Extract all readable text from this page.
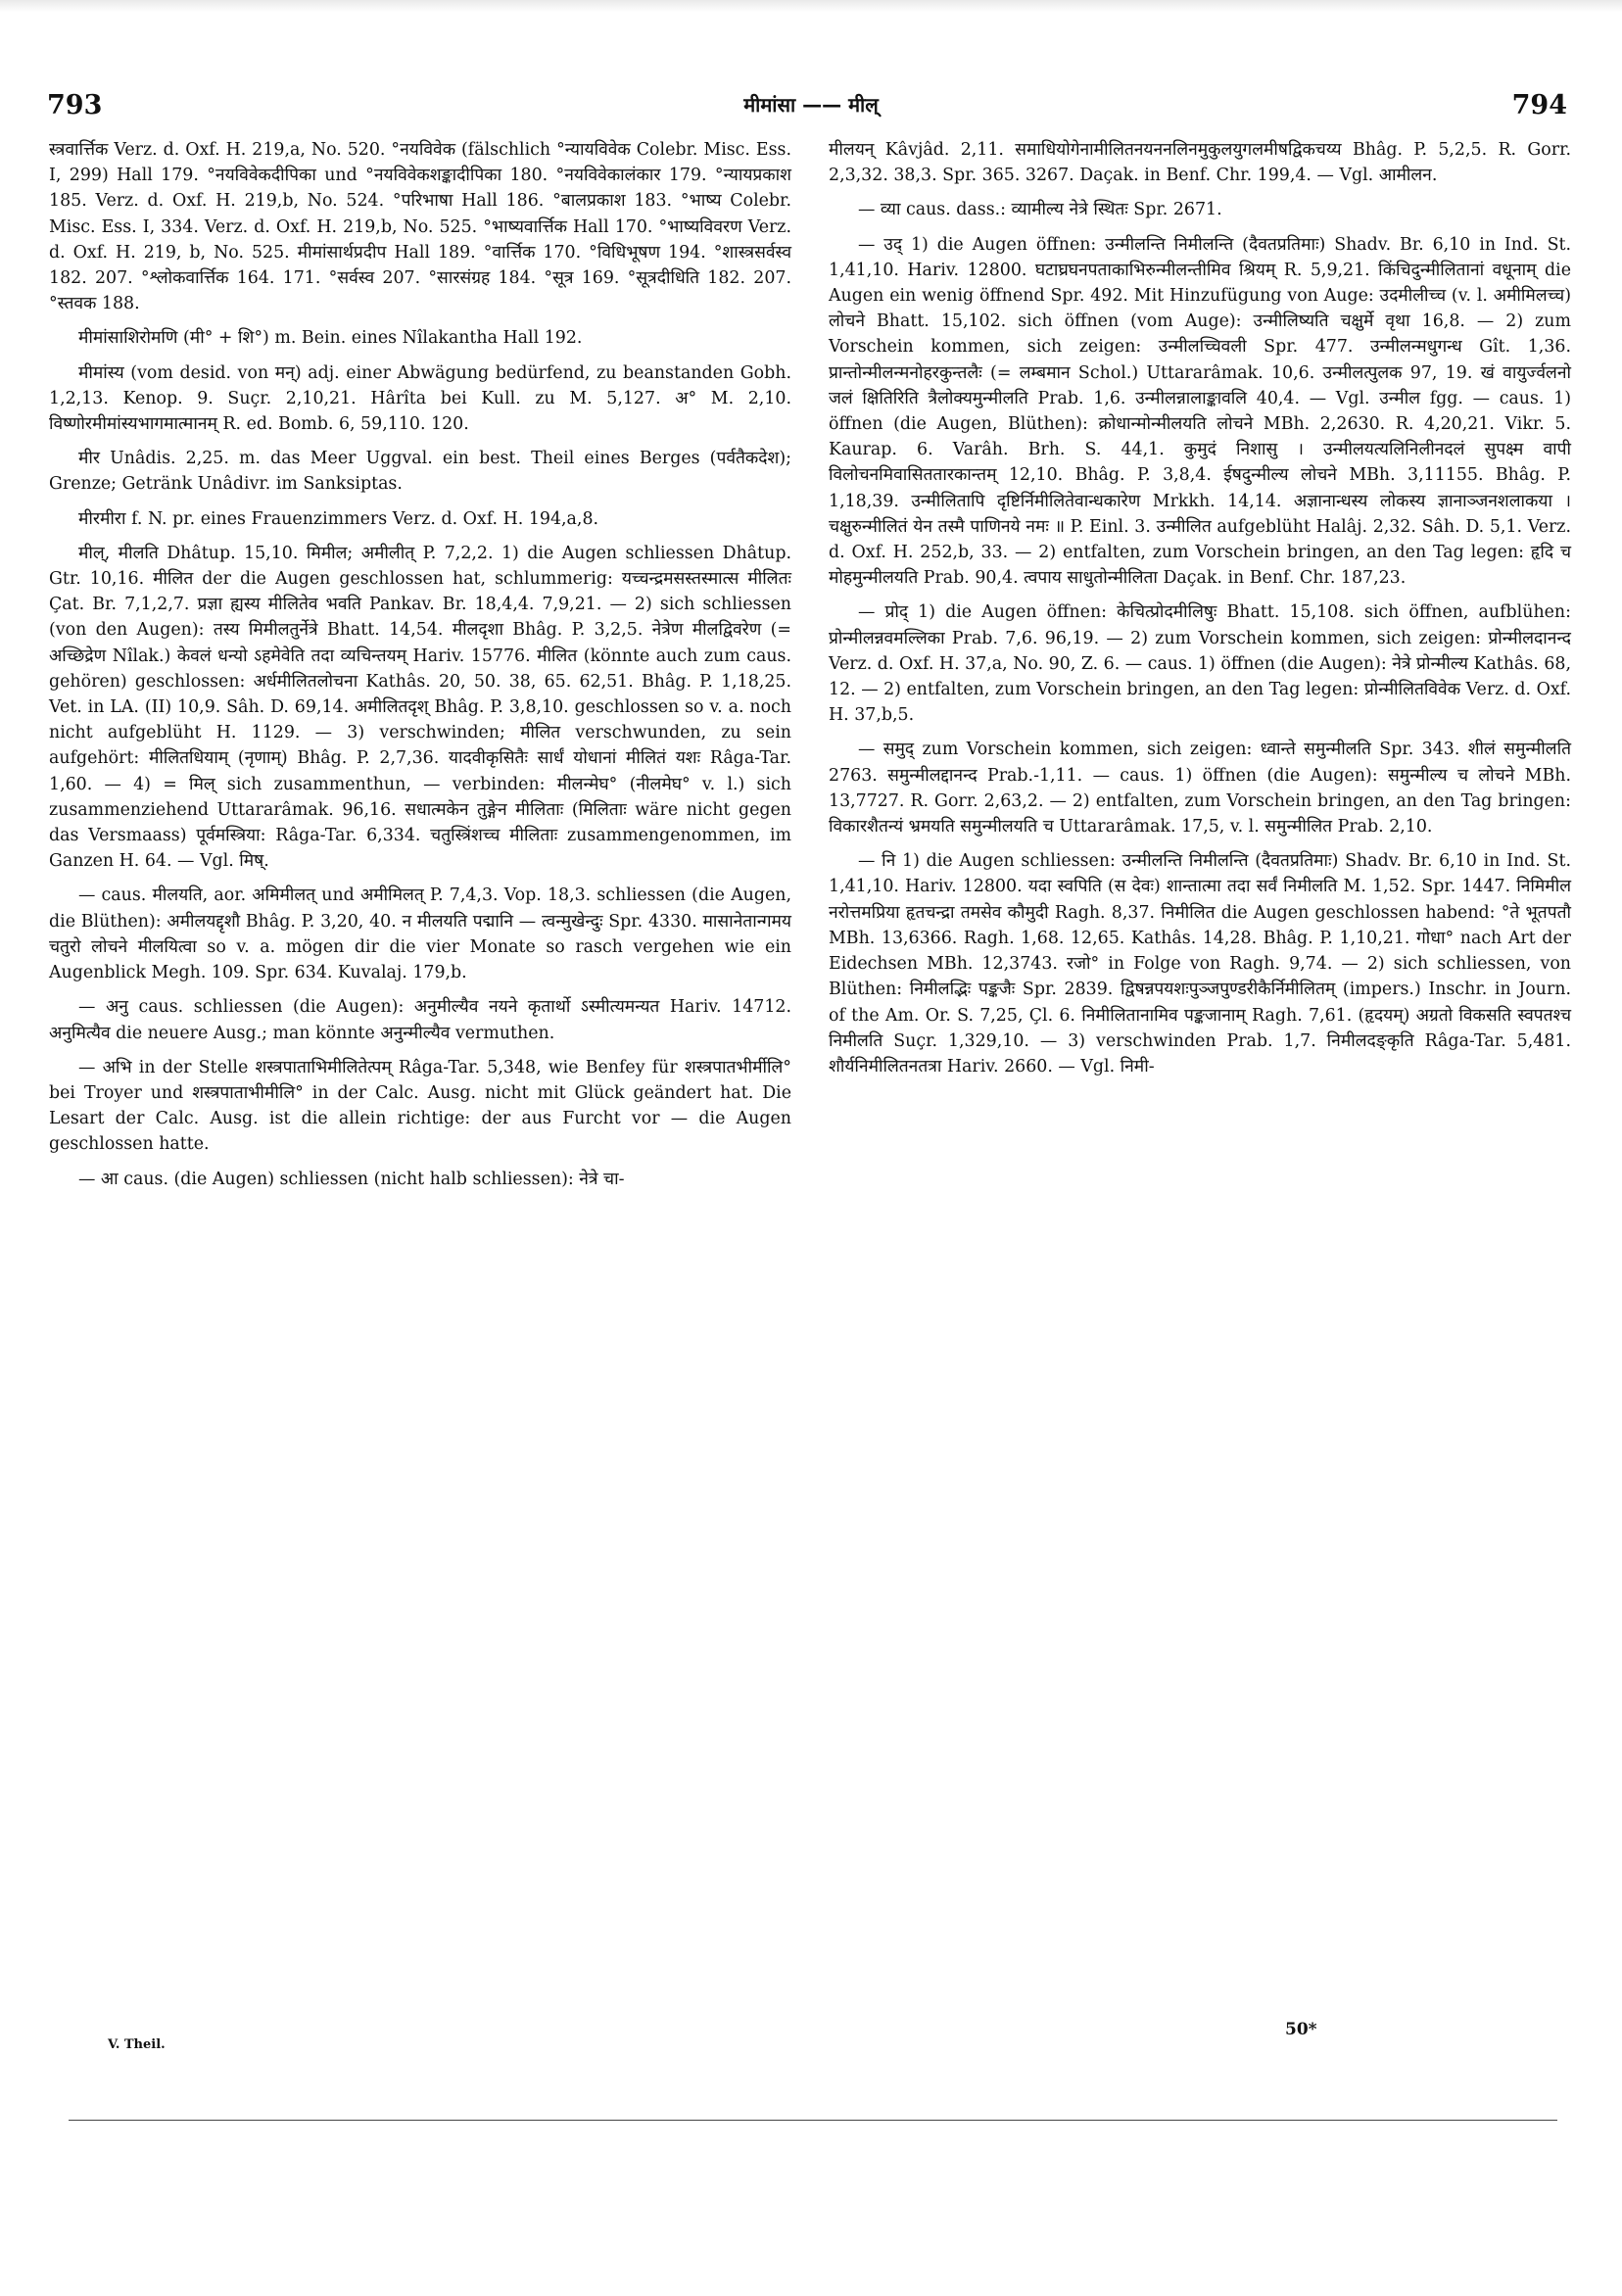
793	मीमांसा —— मील्	794

स्त्रवार्त्तिक Verz. d. Oxf. H. 219,a, No. 520. °नयविवेक (fälschlich °न्यायविवेक Colebr. Misc. Ess. I, 299) Hall 179. °नयविवेकदीपिका und °नयविवेकशङ्कादीपिका 180. °नयविवेकालंकार 179. °न्यायप्रकाश 185. Verz. d. Oxf. H. 219,b, No. 524. °परिभाषा Hall 186. °बालप्रकाश 183. °भाष्य Colebr. Misc. Ess. I, 334. Verz. d. Oxf. H. 219,b, No. 525. °भाष्यवार्त्तिक Hall 170. °भाष्यविवरण Verz. d. Oxf. H. 219, b, No. 525. मीमांसार्थप्रदीप Hall 189. °वार्त्तिक 170. °विधिभूषण 194. °शास्त्रसर्वस्व 182. 207. °श्लोकवार्त्तिक 164. 171. °सर्वस्व 207. °सारसंग्रह 184. °सूत्र 169. °सूत्रदीधिति 182. 207. °स्तवक 188.

मीमांसाशिरोमणि (मी° + शि°) m. Bein. eines Nîlakantha Hall 192.

मीमांस्य (vom desid. von मन्) adj. einer Abwägung bedürfend, zu beanstanden Gobh. 1,2,13. Kenop. 9. Suçr. 2,10,21. Hârîta bei Kull. zu M. 5,127. अ° M. 2,10. विष्णोरमीमांस्यभागमात्मानम् R. ed. Bomb. 6, 59,110. 120.

मीर Unâdis. 2,25. m. das Meer Uggval. ein best. Theil eines Berges (पर्वतैकदेश); Grenze; Getränk Unâdivr. im Sanksiptas.

मीरमीरा f. N. pr. eines Frauenzimmers Verz. d. Oxf. H. 194,a,8.

मील्, मीलति Dhâtup. 15,10. मिमील; अमीलीत् P. 7,2,2. 1) die Augen schliessen Dhâtup. Gtr. 10,16. मीलित der die Augen geschlossen hat, schlummerig: यच्चन्द्रमसस्तस्मात्स मीलितः Çat. Br. 7,1,2,7. प्रज्ञा ह्यस्य मीलितेव भवति Pankav. Br. 18,4,4. 7,9,21. — 2) sich schliessen (von den Augen): तस्य मिमीलतुर्नेत्रे Bhatt. 14,54. मीलदृशा Bhâg. P. 3,2,5. नेत्रेण मीलद्विवरेण (= अच्छिद्रेण Nîlak.) केवलं धन्यो ऽहमेवेति तदा व्यचिन्तयम् Hariv. 15776. मीलित (könnte auch zum caus. gehören) geschlossen: अर्धमीलितलोचना Kathâs. 20, 50. 38, 65. 62,51. Bhâg. P. 1,18,25. Vet. in LA. (II) 10,9. Sâh. D. 69,14. अमीलितदृश् Bhâg. P. 3,8,10. geschlossen so v. a. noch nicht aufgeblüht H. 1129. — 3) verschwinden; मीलित verschwunden, zu sein aufgehört: मीलितधियाम् (नृणाम्) Bhâg. P. 2,7,36. यादवीकृसितैः सार्धं योधानां मीलितं यशः Râga-Tar. 1,60. — 4) = मिल् sich zusammenthun, — verbinden: मीलन्मेघ° (नीलमेघ° v. l.) sich zusammenziehend Uttararâmak. 96,16. सधात्मकेन तुङ्गेन मीलिताः (मिलिताः wäre nicht gegen das Versmaass) पूर्वमस्त्रिया: Râga-Tar. 6,334. चतुस्त्रिंशच्च मीलिताः zusammengenommen, im Ganzen H. 64. — Vgl. मिष्.

— caus. मीलयति, aor. अमिमीलत् und अमीमिलत् P. 7,4,3. Vop. 18,3. schliessen (die Augen, die Blüthen): अमीलयद्दृशौ Bhâg. P. 3,20, 40. न मीलयति पद्मानि — त्वन्मुखेन्दुः Spr. 4330. मासानेतान्गमय चतुरो लोचने मीलयित्वा so v. a. mögen dir die vier Monate so rasch vergehen wie ein Augenblick Megh. 109. Spr. 634. Kuvalaj. 179,b.

— अनु caus. schliessen (die Augen): अनुमील्यैव नयने कृतार्थो ऽस्मीत्यमन्यत Hariv. 14712. अनुमित्यैव die neuere Ausg.; man könnte अनुन्मील्यैव vermuthen.

— अभि in der Stelle शस्त्रपाताभिमीलितेत्पम् Râga-Tar. 5,348, wie Benfey für शस्त्रपातभीर्मीलि° bei Troyer und शस्त्रपाताभीमीलि° in der Calc. Ausg. nicht mit Glück geändert hat. Die Lesart der Calc. Ausg. ist die allein richtige: der aus Furcht vor — die Augen geschlossen hatte.

— आ caus. (die Augen) schliessen (nicht halb schliessen): नेत्रे चा-

मीलयन् Kâvjâd. 2,11. समाधियोगेनामीलितनयननलिनमुकुलयुगलमीषद्विकचय्य Bhâg. P. 5,2,5. R. Gorr. 2,3,32. 38,3. Spr. 365. 3267. Daçak. in Benf. Chr. 199,4. — Vgl. आमीलन.

— व्या caus. dass.: व्यामील्य नेत्रे स्थितः Spr. 2671.

— उद् 1) die Augen öffnen: उन्मीलन्ति निमीलन्ति (दैवतप्रतिमाः) Shadv. Br. 6,10 in Ind. St. 1,41,10. Hariv. 12800. घटाघ्रघनपताकाभिरुन्मीलन्तीमिव श्रियम् R. 5,9,21. किंचिदुन्मीलितानां वधूनाम् die Augen ein wenig öffnend Spr. 492. Mit Hinzufügung von Auge: उदमीलीच्च (v. l. अमीमिलच्च) लोचने Bhatt. 15,102. sich öffnen (vom Auge): उन्मीलिष्यति चक्षुर्मे वृथा 16,8. — 2) zum Vorschein kommen, sich zeigen: उन्मीलच्चिवली Spr. 477. उन्मीलन्मधुगन्ध Gît. 1,36. प्रान्तोन्मीलन्मनोहरकुन्तलैः (= लम्बमान Schol.) Uttararâmak. 10,6. उन्मीलत्पुलक 97, 19. खं वायुर्ज्वलनो जलं क्षितिरिति त्रैलोक्यमुन्मीलति Prab. 1,6. उन्मीलन्नालाङ्कावलि 40,4. — Vgl. उन्मील fgg. — caus. 1) öffnen (die Augen, Blüthen): क्रोधान्मोन्मीलयति लोचने MBh. 2,2630. R. 4,20,21. Vikr. 5. Kaurap. 6. Varâh. Brh. S. 44,1. कुमुदं निशासु । उन्मीलयत्यलिनिलीनदलं सुपक्ष्म वापी विलोचनमिवासिततारकान्तम् 12,10. Bhâg. P. 3,8,4. ईषदुन्मील्य लोचने MBh. 3,11155. Bhâg. P. 1,18,39. उन्मीलितापि दृष्टिर्निमीलितेवान्धकारेण Mrkkh. 14,14. अज्ञानान्धस्य लोकस्य ज्ञानाञ्जनशलाकया । चक्षुरुन्मीलितं येन तस्मै पाणिनये नमः ॥ P. Einl. 3. उन्मीलित aufgeblüht Halâj. 2,32. Sâh. D. 5,1. Verz. d. Oxf. H. 252,b, 33. — 2) entfalten, zum Vorschein bringen, an den Tag legen: हृदि च मोहमुन्मीलयति Prab. 90,4. त्वपाय साधुतोन्मीलिता Daçak. in Benf. Chr. 187,23.

— प्रोद् 1) die Augen öffnen: केचित्प्रोदमीलिषुः Bhatt. 15,108. sich öffnen, aufblühen: प्रोन्मीलन्नवमल्लिका Prab. 7,6. 96,19. — 2) zum Vorschein kommen, sich zeigen: प्रोन्मीलदानन्द Verz. d. Oxf. H. 37,a, No. 90, Z. 6. — caus. 1) öffnen (die Augen): नेत्रे प्रोन्मील्य Kathâs. 68, 12. — 2) entfalten, zum Vorschein bringen, an den Tag legen: प्रोन्मीलितविवेक Verz. d. Oxf. H. 37,b,5.

— समुद् zum Vorschein kommen, sich zeigen: ध्वान्ते समुन्मीलति Spr. 343. शीलं समुन्मीलति 2763. समुन्मीलद्दानन्द Prab.-1,11. — caus. 1) öffnen (die Augen): समुन्मील्य च लोचने MBh. 13,7727. R. Gorr. 2,63,2. — 2) entfalten, zum Vorschein bringen, an den Tag bringen: विकारशैतन्यं भ्रमयति समुन्मीलयति च Uttararâmak. 17,5, v. l. समुन्मीलित Prab. 2,10.

— नि 1) die Augen schliessen: उन्मीलन्ति निमीलन्ति (दैवतप्रतिमाः) Shadv. Br. 6,10 in Ind. St. 1,41,10. Hariv. 12800. यदा स्वपिति (स देवः) शान्तात्मा तदा सर्वं निमीलति M. 1,52. Spr. 1447. निमिमील नरोत्तमप्रिया हृतचन्द्रा तमसेव कौमुदी Ragh. 8,37. निमीलित die Augen geschlossen habend: °ते भूतपतौ MBh. 13,6366. Ragh. 1,68. 12,65. Kathâs. 14,28. Bhâg. P. 1,10,21. गोधा° nach Art der Eidechsen MBh. 12,3743. रजो° in Folge von Ragh. 9,74. — 2) sich schliessen, von Blüthen: निमीलद्भिः पङ्कजैः Spr. 2839. द्विषन्नपयशःपुञ्जपुण्डरीकैर्निमीलितम् (impers.) Inschr. in Journ. of the Am. Or. S. 7,25, Çl. 6. निमीलितानामिव पङ्कजानाम् Ragh. 7,61. (हृदयम्) अग्रतो विकसति स्वपतश्च निमीलति Suçr. 1,329,10. — 3) verschwinden Prab. 1,7. निमीलदङ्कृति Râga-Tar. 5,481. शौर्यनिमीलितनतत्रा Hariv. 2660. — Vgl. निमी-

V. Theil.
50*
